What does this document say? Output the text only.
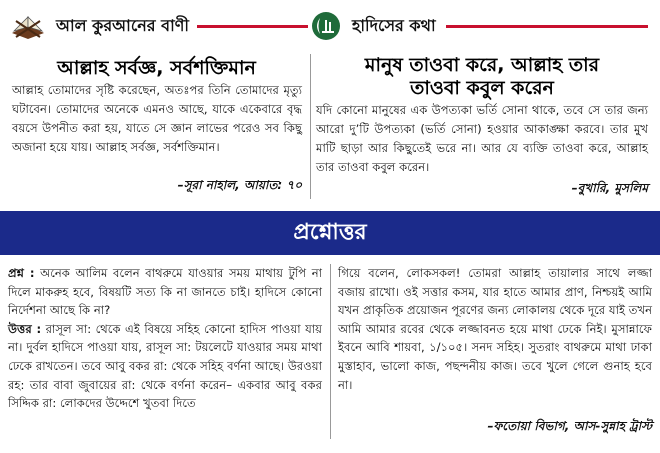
আল কুরআনের বাণী
আল্লাহ সর্বজ্ঞ, সর্বশক্তিমান
আল্লাহ তোমাদের সৃষ্টি করেছেন, অতঃপর তিনি তোমাদের মৃত্যু ঘটাবেন। তোমাদের অনেকে এমনও আছে, যাকে একেবারে বৃদ্ধ বয়সে উপনীত করা হয়, যাতে সে জ্ঞান লাভের পরেও সব কিছু অজানা হয়ে যায়। আল্লাহ সর্বজ্ঞ, সর্বশক্তিমান।
–সূরা নাহাল, আয়াত: ৭০
হাদিসের কথা
মানুষ তাওবা করে, আল্লাহ তার
তাওবা কবুল করেন
যদি কোনো মানুষের এক উপত্যকা ভর্তি সোনা থাকে, তবে সে তার জন্য আরো দু’টি উপত্যকা (ভর্তি সোনা) হওয়ার আকাঙ্ক্ষা করবে। তার মুখ মাটি ছাড়া আর কিছুতেই ভরে না। আর যে ব্যক্তি তাওবা করে, আল্লাহ তার তাওবা কবুল করেন।
–বুখারি, মুসলিম
প্রশ্নোত্তর

প্রশ্ন : অনেক আলিম বলেন বাথরুমে যাওয়ার সময় মাথায় টুপি না দিলে মাকরুহ হবে, বিষয়টি সত্য কি না জানতে চাই। হাদিসে কোনো নির্দেশনা আছে কি না?

উত্তর : রাসূল সা: থেকে এই বিষয়ে সহিহ কোনো হাদিস পাওয়া যায় না। দুর্বল হাদিসে পাওয়া যায়, রাসূল সা: টয়লেটে যাওয়ার সময় মাথা ঢেকে রাখতেন। তবে আবু বকর রা: থেকে সহিহ বর্ণনা আছে। উরওয়া রহ: তার বাবা জুবায়ের রা: থেকে বর্ণনা করেন– একবার আবু বকর সিদ্দিক রা: লোকদের উদ্দেশে খুতবা দিতে

গিয়ে বলেন, লোকসকল! তোমরা আল্লাহ তায়ালার সাথে লজ্জা বজায় রাখো। ওই সত্তার কসম, যার হাতে আমার প্রাণ, নিশ্চয়ই আমি যখন প্রাকৃতিক প্রয়োজন পূরণের জন্য লোকালয় থেকে দূরে যাই তখন আমি আমার রবের থেকে লজ্জাবনত হয়ে মাথা ঢেকে নিই। মুসান্নাফে ইবনে আবি শায়বা, ১/১০৫। সনদ সহিহ। সুতরাং বাথরুমে মাথা ঢাকা মুস্তাহাব, ভালো কাজ, পছন্দনীয় কাজ। তবে খুলে গেলে গুনাহ হবে না।

–ফতোয়া বিভাগ, আস-সুন্নাহ ট্রাস্ট
